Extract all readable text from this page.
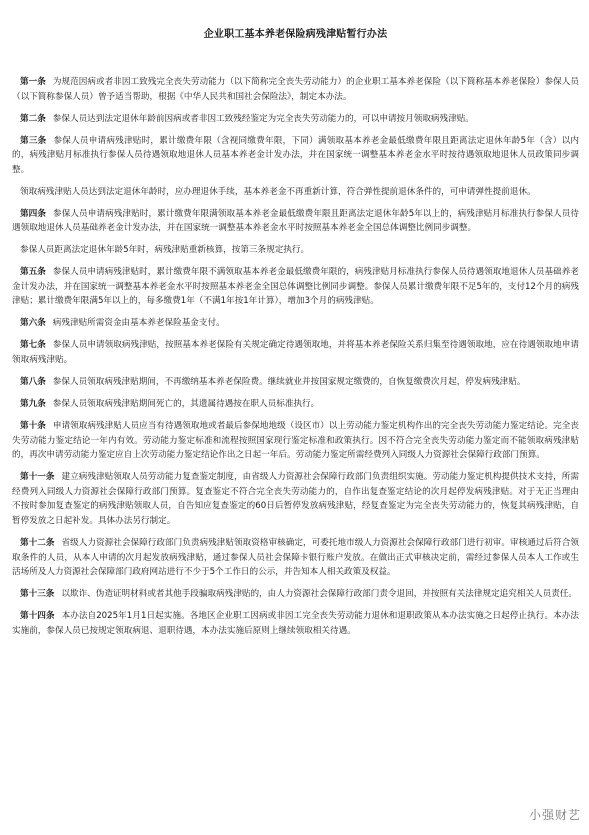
企业职工基本养老保险病残津贴暂行办法

第一条 为规范因病或者非因工致残完全丧失劳动能力（以下简称完全丧失劳动能力）的企业职工基本养老保险（以下简称基本养老保险）参保人员（以下简称参保人员）曾予适当帮助，根据《中华人民共和国社会保险法》，制定本办法。

第二条 参保人员达到法定退休年龄前因病或者非因工致残经鉴定为完全丧失劳动能力的，可以申请按月领取病残津贴。

第三条 参保人员申请病残津贴时，累计缴费年限（含视同缴费年限，下同）满领取基本养老金最低缴费年限且距离法定退休年龄5年（含）以内的，病残津贴月标准执行参保人员待遇领取地退休人员基本养老金计发办法，并在国家统一调整基本养老金水平时按待遇领取地退休人员政策同步调整。

领取病残津贴人员达到法定退休年龄时，应办理退休手续，基本养老金不再重新计算，符合弹性提前退休条件的，可申请弹性提前退休。

第四条 参保人员申请病残津贴时，累计缴费年限满领取基本养老金最低缴费年限且距离法定退休年龄5年以上的，病残津贴月标准执行参保人员待遇领取地退休人员基础养老金计发办法，并在国家统一调整基本养老金水平时按照基本养老金全国总体调整比例同步调整。

参保人员距离法定退休年龄5年时，病残津贴重新核算，按第三条规定执行。

第五条 参保人员申请病残津贴时，累计缴费年限不满领取基本养老金最低缴费年限的，病残津贴月标准执行参保人员待遇领取地退休人员基础养老金计发办法，并在国家统一调整基本养老金水平时按照基本养老金全国总体调整比例同步调整。参保人员累计缴费年限不足5年的，支付12个月的病残津贴；累计缴费年限满5年以上的，每多缴费1年（不满1年按1年计算），增加3个月的病残津贴。

第六条 病残津贴所需资金由基本养老保险基金支付。

第七条 参保人员申请领取病残津贴，按照基本养老保险有关规定确定待遇领取地，并将基本养老保险关系归集至待遇领取地，应在待遇领取地申请领取病残津贴。

第八条 参保人员领取病残津贴期间，不再缴纳基本养老保险费。继续就业并按国家规定缴费的，自恢复缴费次月起，停发病残津贴。

第九条 参保人员领取病残津贴期间死亡的，其遗属待遇按在职人员标准执行。

第十条 申请领取病残津贴人员应当有待遇领取地或者最后参保地地级（设区市）以上劳动能力鉴定机构作出的完全丧失劳动能力鉴定结论。完全丧失劳动能力鉴定结论一年内有效。劳动能力鉴定标准和流程按照国家现行鉴定标准和政策执行。因不符合完全丧失劳动能力鉴定而不能领取病残津贴的，再次申请劳动能力鉴定应自上次劳动能力鉴定结论作出之日起一年后。劳动能力鉴定所需经费列入同级人力资源社会保障行政部门预算。

第十一条 建立病残津贴领取人员劳动能力复查鉴定制度，由省级人力资源社会保障行政部门负责组织实施。劳动能力鉴定机构提供技术支持，所需经费列入同级人力资源社会保障行政部门预算。复查鉴定不符合完全丧失劳动能力的，自作出复查鉴定结论的次月起停发病残津贴。对于无正当理由不按时参加复查鉴定的病残津贴领取人员，自告知应复查鉴定的60日后暂停发放病残津贴，经复查鉴定为完全丧失劳动能力的，恢复其病残津贴，自暂停发放之日起补发。具体办法另行制定。

第十二条 省级人力资源社会保障行政部门负责病残津贴领取资格审核确定，可委托地市级人力资源社会保障行政部门进行初审。审核通过后符合领取条件的人员，从本人申请的次月起发放病残津贴，通过参保人员社会保障卡银行账户发放。在做出正式审核决定前，需经过参保人员本人工作或生活场所及人力资源社会保障部门政府网站进行不少于5个工作日的公示，并告知本人相关政策及权益。

第十三条 以欺诈、伪造证明材料或者其他手段骗取病残津贴的，由人力资源社会保障行政部门责令退回，并按照有关法律规定追究相关人员责任。

第十四条 本办法自2025年1月1日起实施。各地区企业职工因病或非因工完全丧失劳动能力退休和退职政策从本办法实施之日起停止执行。本办法实施前，参保人员已按规定领取病退、退职待遇，本办法实施后原则上继续领取相关待遇。

小强财艺
